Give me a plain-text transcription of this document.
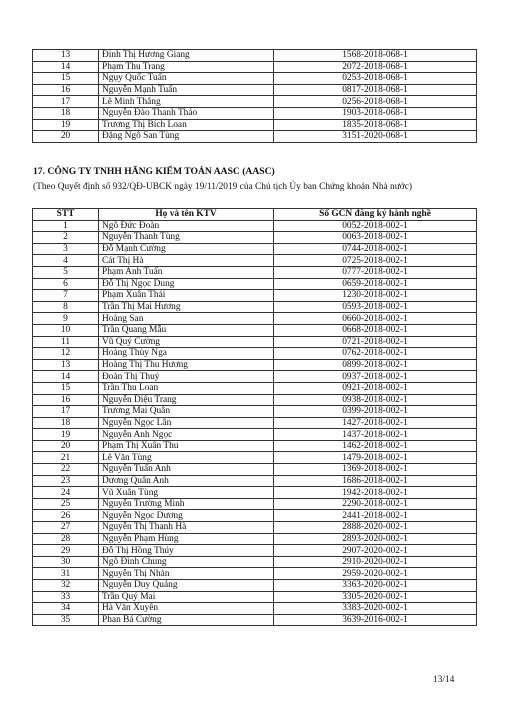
13	Đinh Thị Hương Giang	1568-2018-068-1
14	Phạm Thu Trang	2072-2018-068-1
15	Ngụy Quốc Tuấn	0253-2018-068-1
16	Nguyễn Mạnh Tuấn	0817-2018-068-1
17	Lê Minh Thắng	0256-2018-068-1
18	Nguyễn Đào Thanh Thảo	1903-2018-068-1
19	Trương Thị Bích Loan	1835-2018-068-1
20	Đặng Ngô San Tùng	3151-2020-068-1
17. CÔNG TY TNHH HÃNG KIỂM TOÁN AASC (AASC)
(Theo Quyết định số 932/QĐ-UBCK ngày 19/11/2019 của Chủ tịch Ủy ban Chứng khoán Nhà nước)
STT	Họ và tên KTV	Số GCN đăng ký hành nghề
1	Ngô Đức Đoàn	0052-2018-002-1
2	Nguyễn Thanh Tùng	0063-2018-002-1
3	Đỗ Mạnh Cường	0744-2018-002-1
4	Cát Thị Hà	0725-2018-002-1
5	Phạm Anh Tuấn	0777-2018-002-1
6	Đỗ Thị Ngọc Dung	0659-2018-002-1
7	Phạm Xuân Thái	1230-2018-002-1
8	Trần Thị Mai Hương	0593-2018-002-1
9	Hoàng San	0660-2018-002-1
10	Trần Quang Mẫu	0668-2018-002-1
11	Vũ Quý Cường	0721-2018-002-1
12	Hoàng Thùy Nga	0762-2018-002-1
13	Hoàng Thị Thu Hương	0899-2018-002-1
14	Đoàn Thị Thuý	0937-2018-002-1
15	Trần Thu Loan	0921-2018-002-1
16	Nguyễn Diệu Trang	0938-2018-002-1
17	Trương Mai Quân	0399-2018-002-1
18	Nguyễn Ngọc Lân	1427-2018-002-1
19	Nguyễn Anh Ngọc	1437-2018-002-1
20	Phạm Thị Xuân Thu	1462-2018-002-1
21	Lê Văn Tùng	1479-2018-002-1
22	Nguyễn Tuấn Anh	1369-2018-002-1
23	Dương Quân Anh	1686-2018-002-1
24	Vũ Xuân Tùng	1942-2018-002-1
25	Nguyễn Trường Minh	2290-2018-002-1
26	Nguyễn Ngọc Dương	2441-2018-002-1
27	Nguyễn Thị Thanh Hà	2888-2020-002-1
28	Nguyễn Phạm Hùng	2893-2020-002-1
29	Đỗ Thị Hồng Thúy	2907-2020-002-1
30	Ngô Đình Chung	2910-2020-002-1
31	Nguyễn Thị Nhàn	2959-2020-002-1
32	Nguyễn Duy Quảng	3363-2020-002-1
33	Trần Quý Mai	3305-2020-002-1
34	Hà Văn Xuyên	3383-2020-002-1
35	Phan Bá Cường	3639-2016-002-1
13/14
